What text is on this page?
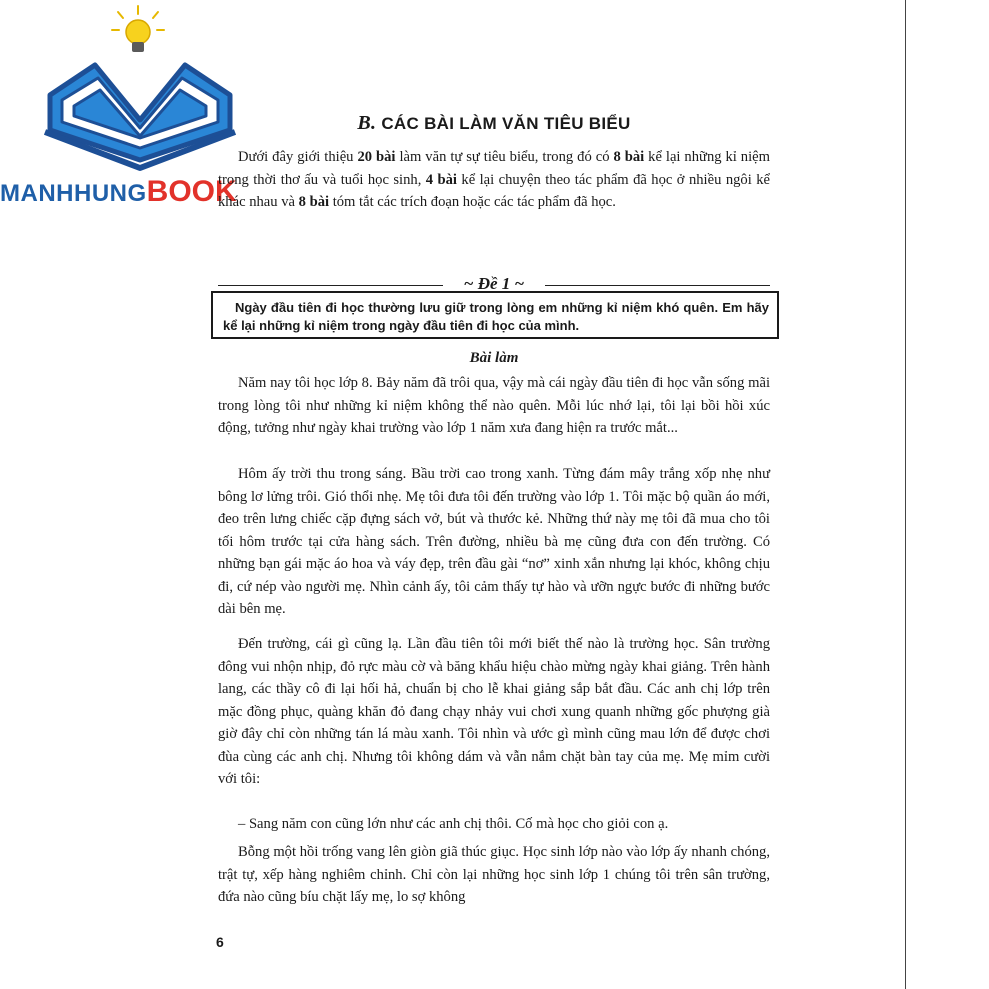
MANHHUNGBOOK
B. CÁC BÀI LÀM VĂN TIÊU BIỂU

Dưới đây giới thiệu 20 bài làm văn tự sự tiêu biểu, trong đó có 8 bài kể lại những kỉ niệm trong thời thơ ấu và tuổi học sinh, 4 bài kể lại chuyện theo tác phẩm đã học ở nhiều ngôi kể khác nhau và 8 bài tóm tắt các trích đoạn hoặc các tác phẩm đã học.

~ Đề 1 ~

Ngày đầu tiên đi học thường lưu giữ trong lòng em những kỉ niệm khó quên. Em hãy kể lại những kỉ niệm trong ngày đầu tiên đi học của mình.

Bài làm

Năm nay tôi học lớp 8. Bảy năm đã trôi qua, vậy mà cái ngày đầu tiên đi học vẫn sống mãi trong lòng tôi như những kỉ niệm không thể nào quên. Mỗi lúc nhớ lại, tôi lại bồi hồi xúc động, tưởng như ngày khai trường vào lớp 1 năm xưa đang hiện ra trước mắt...

Hôm ấy trời thu trong sáng. Bầu trời cao trong xanh. Từng đám mây trắng xốp nhẹ như bông lơ lửng trôi. Gió thổi nhẹ. Mẹ tôi đưa tôi đến trường vào lớp 1. Tôi mặc bộ quần áo mới, đeo trên lưng chiếc cặp đựng sách vở, bút và thước kẻ. Những thứ này mẹ tôi đã mua cho tôi tối hôm trước tại cửa hàng sách. Trên đường, nhiều bà mẹ cũng đưa con đến trường. Có những bạn gái mặc áo hoa và váy đẹp, trên đầu gài “nơ” xinh xắn nhưng lại khóc, không chịu đi, cứ nép vào người mẹ. Nhìn cảnh ấy, tôi cảm thấy tự hào và ưỡn ngực bước đi những bước dài bên mẹ.

Đến trường, cái gì cũng lạ. Lần đầu tiên tôi mới biết thế nào là trường học. Sân trường đông vui nhộn nhịp, đỏ rực màu cờ và băng khẩu hiệu chào mừng ngày khai giảng. Trên hành lang, các thầy cô đi lại hối hả, chuẩn bị cho lễ khai giảng sắp bắt đầu. Các anh chị lớp trên mặc đồng phục, quàng khăn đỏ đang chạy nhảy vui chơi xung quanh những gốc phượng già giờ đây chỉ còn những tán lá màu xanh. Tôi nhìn và ước gì mình cũng mau lớn để được chơi đùa cùng các anh chị. Nhưng tôi không dám và vẫn nắm chặt bàn tay của mẹ. Mẹ mỉm cười với tôi:

– Sang năm con cũng lớn như các anh chị thôi. Cố mà học cho giỏi con ạ.

Bỗng một hồi trống vang lên giòn giã thúc giục. Học sinh lớp nào vào lớp ấy nhanh chóng, trật tự, xếp hàng nghiêm chỉnh. Chỉ còn lại những học sinh lớp 1 chúng tôi trên sân trường, đứa nào cũng bíu chặt lấy mẹ, lo sợ không

6
